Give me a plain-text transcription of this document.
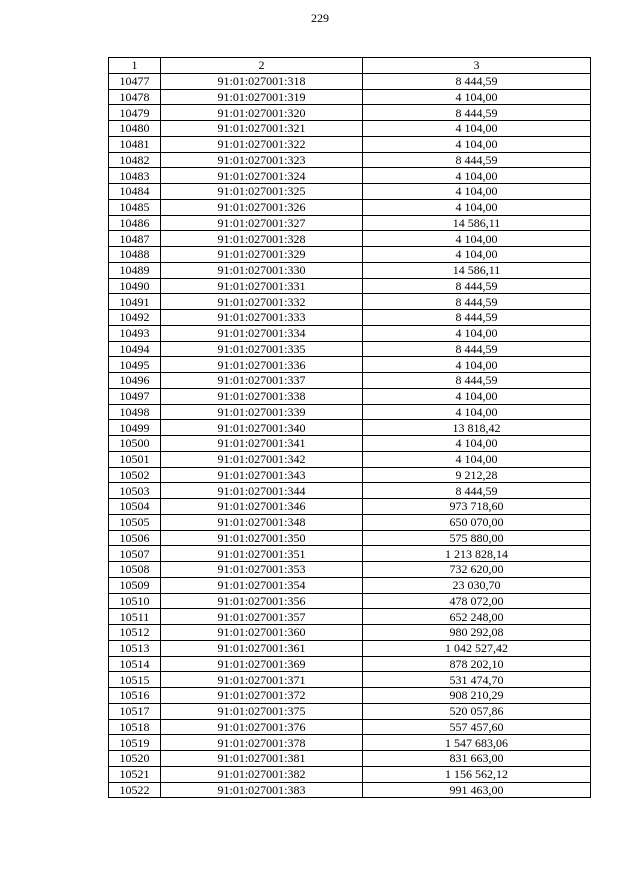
229
1	2	3
10477	91:01:027001:318	8 444,59
10478	91:01:027001:319	4 104,00
10479	91:01:027001:320	8 444,59
10480	91:01:027001:321	4 104,00
10481	91:01:027001:322	4 104,00
10482	91:01:027001:323	8 444,59
10483	91:01:027001:324	4 104,00
10484	91:01:027001:325	4 104,00
10485	91:01:027001:326	4 104,00
10486	91:01:027001:327	14 586,11
10487	91:01:027001:328	4 104,00
10488	91:01:027001:329	4 104,00
10489	91:01:027001:330	14 586,11
10490	91:01:027001:331	8 444,59
10491	91:01:027001:332	8 444,59
10492	91:01:027001:333	8 444,59
10493	91:01:027001:334	4 104,00
10494	91:01:027001:335	8 444,59
10495	91:01:027001:336	4 104,00
10496	91:01:027001:337	8 444,59
10497	91:01:027001:338	4 104,00
10498	91:01:027001:339	4 104,00
10499	91:01:027001:340	13 818,42
10500	91:01:027001:341	4 104,00
10501	91:01:027001:342	4 104,00
10502	91:01:027001:343	9 212,28
10503	91:01:027001:344	8 444,59
10504	91:01:027001:346	973 718,60
10505	91:01:027001:348	650 070,00
10506	91:01:027001:350	575 880,00
10507	91:01:027001:351	1 213 828,14
10508	91:01:027001:353	732 620,00
10509	91:01:027001:354	23 030,70
10510	91:01:027001:356	478 072,00
10511	91:01:027001:357	652 248,00
10512	91:01:027001:360	980 292,08
10513	91:01:027001:361	1 042 527,42
10514	91:01:027001:369	878 202,10
10515	91:01:027001:371	531 474,70
10516	91:01:027001:372	908 210,29
10517	91:01:027001:375	520 057,86
10518	91:01:027001:376	557 457,60
10519	91:01:027001:378	1 547 683,06
10520	91:01:027001:381	831 663,00
10521	91:01:027001:382	1 156 562,12
10522	91:01:027001:383	991 463,00
